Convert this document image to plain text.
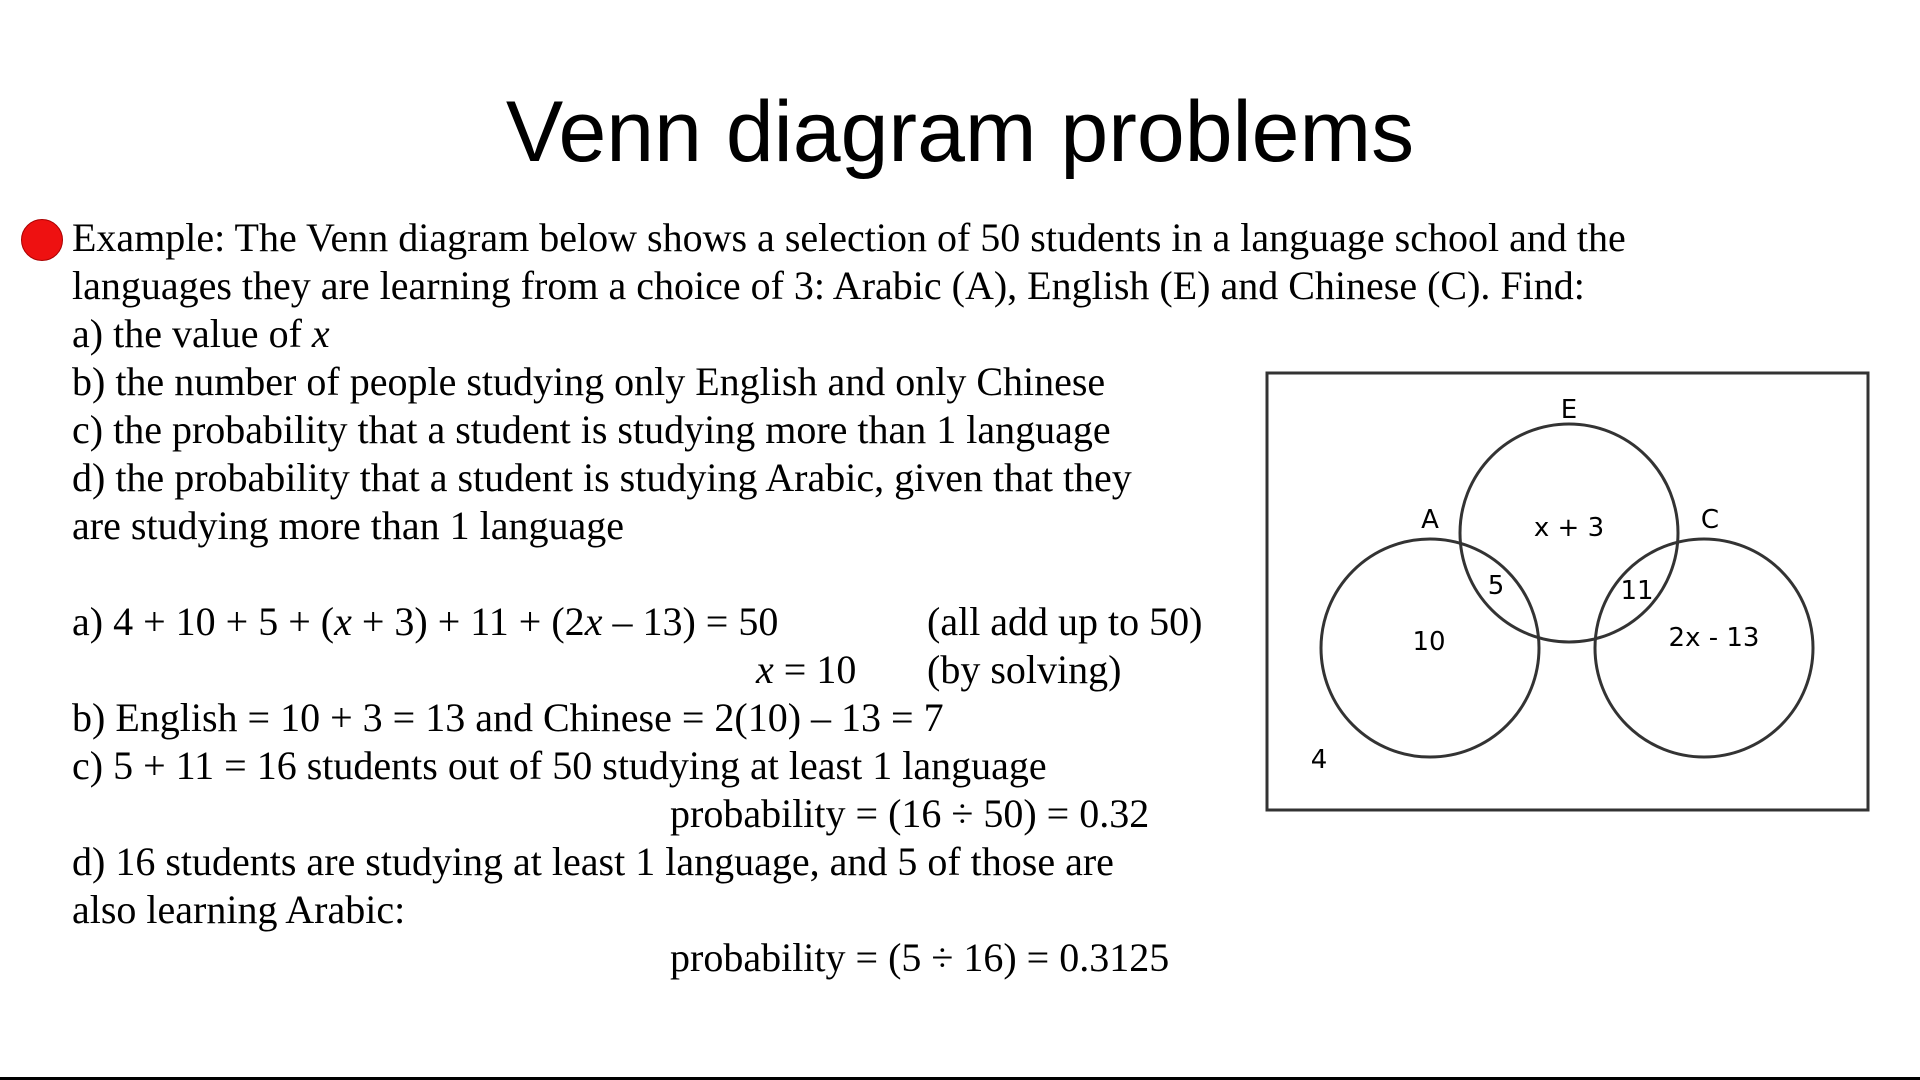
Venn diagram problems
Example: The Venn diagram below shows a selection of 50 students in a language school and the
languages they are learning from a choice of 3: Arabic (A), English (E) and Chinese (C). Find:
a) the value of x
b) the number of people studying only English and only Chinese
c) the probability that a student is studying more than 1 language
d) the probability that a student is studying Arabic, given that they
are studying more than 1 language
a) 4 + 10 + 5 + (x + 3) + 11 + (2x – 13) = 50	(all add up to 50)
x = 10 (by solving)
b) English = 10 + 3 = 13 and Chinese = 2(10) – 13 = 7
c) 5 + 11 = 16 students out of 50 studying at least 1 language
probability = (16 ÷ 50) = 0.32
d) 16 students are studying at least 1 language, and 5 of those are
also learning Arabic:
probability = (5 ÷ 16) = 0.3125
A
E
C
10
x + 3
2x - 13
5	11
4
